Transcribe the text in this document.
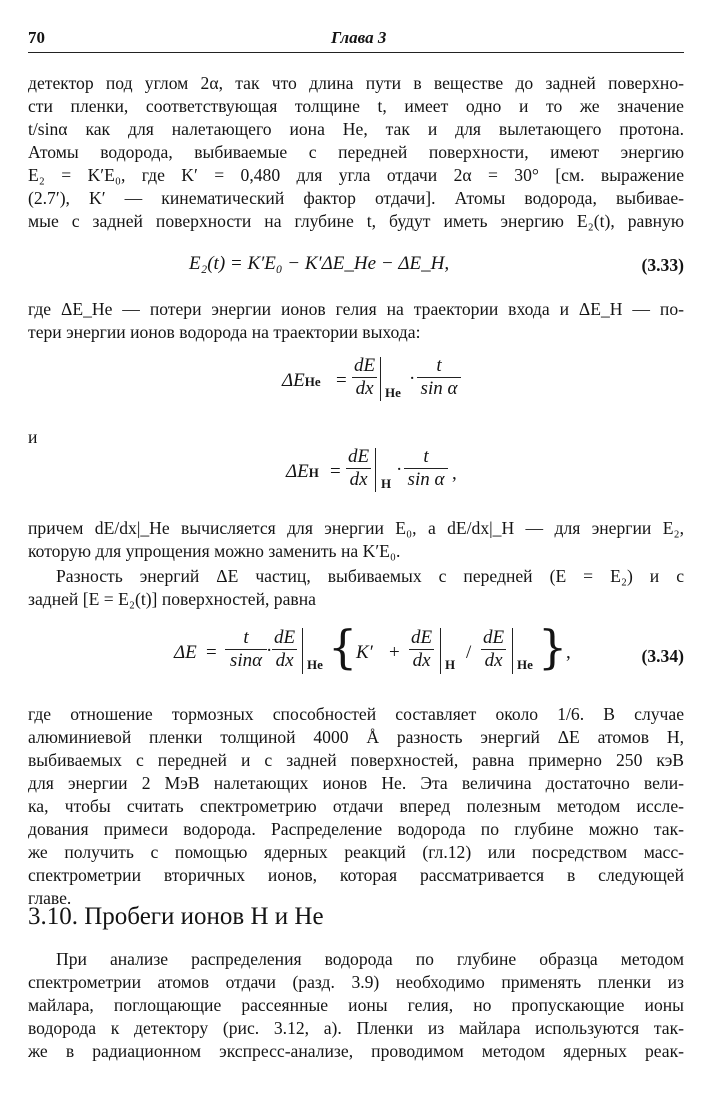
70	Глава 3
детектор под углом 2α, так что длина пути в веществе до задней поверхно-
сти пленки, соответствующая толщине t, имеет одно и то же значение
t/sinα как для налетающего иона He, так и для вылетающего протона.
Атомы водорода, выбиваемые с передней поверхности, имеют энергию
E₂ = K′E₀, где K′ = 0,480 для угла отдачи 2α = 30° [см. выражение
(2.7′), K′ — кинематический фактор отдачи]. Атомы водорода, выбивае-
мые с задней поверхности на глубине t, будут иметь энергию E₂(t), равную
E₂(t) = K′E₀ − K′ΔE_He − ΔE_H,	(3.33)
где ΔE_He — потери энергии ионов гелия на траектории входа и ΔE_H — по-
тери энергии ионов водорода на траектории выхода:
$\Delta EHe = \frac{dE}{dx}$ He
· $\frac{t}{\text{sin α}}$
и
$\Delta EH = \frac{dE}{dx}$ H
· $\frac{t}{\text{sin α}}$ ,
причем dE/dx|_He вычисляется для энергии E₀, а dE/dx|_H — для энергии E₂,
которую для упрощения можно заменить на K′E₀.
Разность энергий ΔE частиц, выбиваемых с передней (E = E₂) и с
задней [E = E₂(t)] поверхностей, равна
$\Delta E = \frac{t}{\sin\alpha} \cdot \frac{dE}{dx}$ He {
$K' + \frac{dE}{dx}$ H
/ $\frac{dE}{dx}$ He }
,	(3.34)
где отношение тормозных способностей составляет около 1/6. В случае
алюминиевой пленки толщиной 4000 Å разность энергий ΔE атомов H,
выбиваемых с передней и с задней поверхностей, равна примерно 250 кэВ
для энергии 2 МэВ налетающих ионов He. Эта величина достаточно вели-
ка, чтобы считать спектрометрию отдачи вперед полезным методом иссле-
дования примеси водорода. Распределение водорода по глубине можно так-
же получить с помощью ядерных реакций (гл.12) или посредством масс-
спектрометрии вторичных ионов, которая рассматривается в следующей
главе.
3.10. Пробеги ионов H и He
При анализе распределения водорода по глубине образца методом
спектрометрии атомов отдачи (разд. 3.9) необходимо применять пленки из
майлара, поглощающие рассеянные ионы гелия, но пропускающие ионы
водорода к детектору (рис. 3.12, а). Пленки из майлара используются так-
же в радиационном экспресс-анализе, проводимом методом ядерных реак-
